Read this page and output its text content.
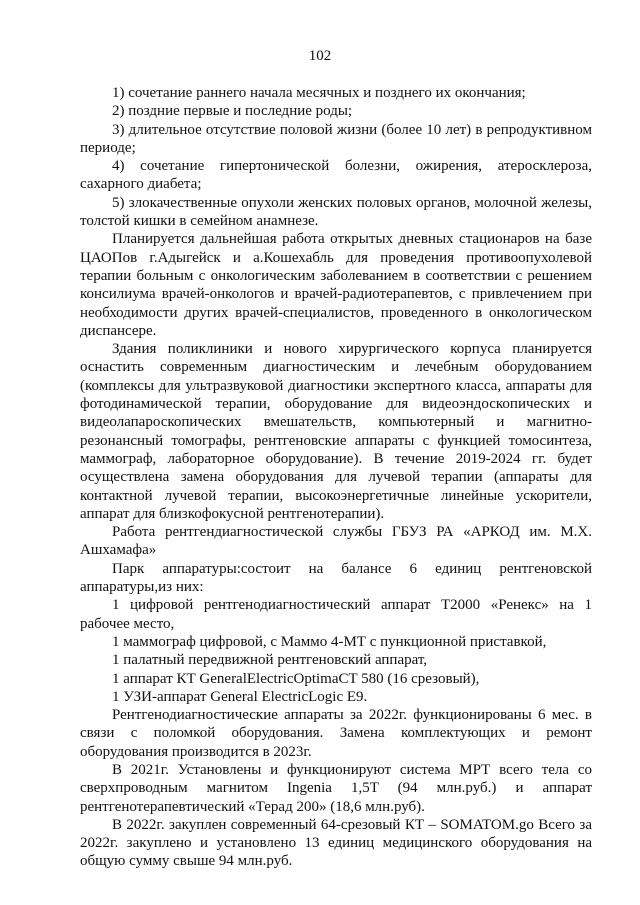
102

1) сочетание раннего начала месячных и позднего их окончания;

2) поздние первые и последние роды;

3) длительное отсутствие половой жизни (более 10 лет) в репродуктивном периоде;

4) сочетание гипертонической болезни, ожирения, атеросклероза, сахарного диабета;

5) злокачественные опухоли женских половых органов, молочной железы, толстой кишки в семейном анамнезе.

Планируется дальнейшая работа открытых дневных стационаров на базе ЦАОПов г.Адыгейск и а.Кошехабль для проведения противоопухолевой терапии больным с онкологическим заболеванием в соответствии с решением консилиума врачей-онкологов и врачей-радиотерапевтов, с привлечением при необходимости других врачей-специалистов, проведенного в онкологическом диспансере.

Здания поликлиники и нового хирургического корпуса планируется оснастить современным диагностическим и лечебным оборудованием (комплексы для ультразвуковой диагностики экспертного класса, аппараты для фотодинамической терапии, оборудование для видеоэндоскопических и видеолапароскопических вмешательств, компьютерный и магнитно-резонансный томографы, рентгеновские аппараты с функцией томосинтеза, маммограф, лабораторное оборудование). В течение 2019-2024 гг. будет осуществлена замена оборудования для лучевой терапии (аппараты для контактной лучевой терапии, высокоэнергетичные линейные ускорители, аппарат для близкофокусной рентгенотерапии).

Работа рентгендиагностической службы ГБУЗ РА «АРКОД им. М.Х. Ашхамафа»

Парк аппаратуры:состоит на балансе 6 единиц рентгеновской аппаратуры,из них:

1 цифровой рентгенодиагностический аппарат Т2000 «Ренекс» на 1 рабочее место,

1 маммограф цифровой, с Маммо 4-МТ с пункционной приставкой,

1 палатный передвижной рентгеновский аппарат,

1 аппарат КТ GeneralElectricOptimaCT 580 (16 срезовый),

1 УЗИ-аппарат General ElectricLogic E9.

Рентгенодиагностические аппараты за 2022г. функционированы 6 мес. в связи с поломкой оборудования. Замена комплектующих и ремонт оборудования производится в 2023г.

В 2021г. Установлены и функционируют система МРТ всего тела со сверхпроводным магнитом Ingenia 1,5T (94 млн.руб.) и аппарат рентгенотерапевтический «Терад 200» (18,6 млн.руб).

В 2022г. закуплен современный 64-срезовый КТ – SOMATOM.go Всего за 2022г. закуплено и установлено 13 единиц медицинского оборудования на общую сумму свыше 94 млн.руб.
